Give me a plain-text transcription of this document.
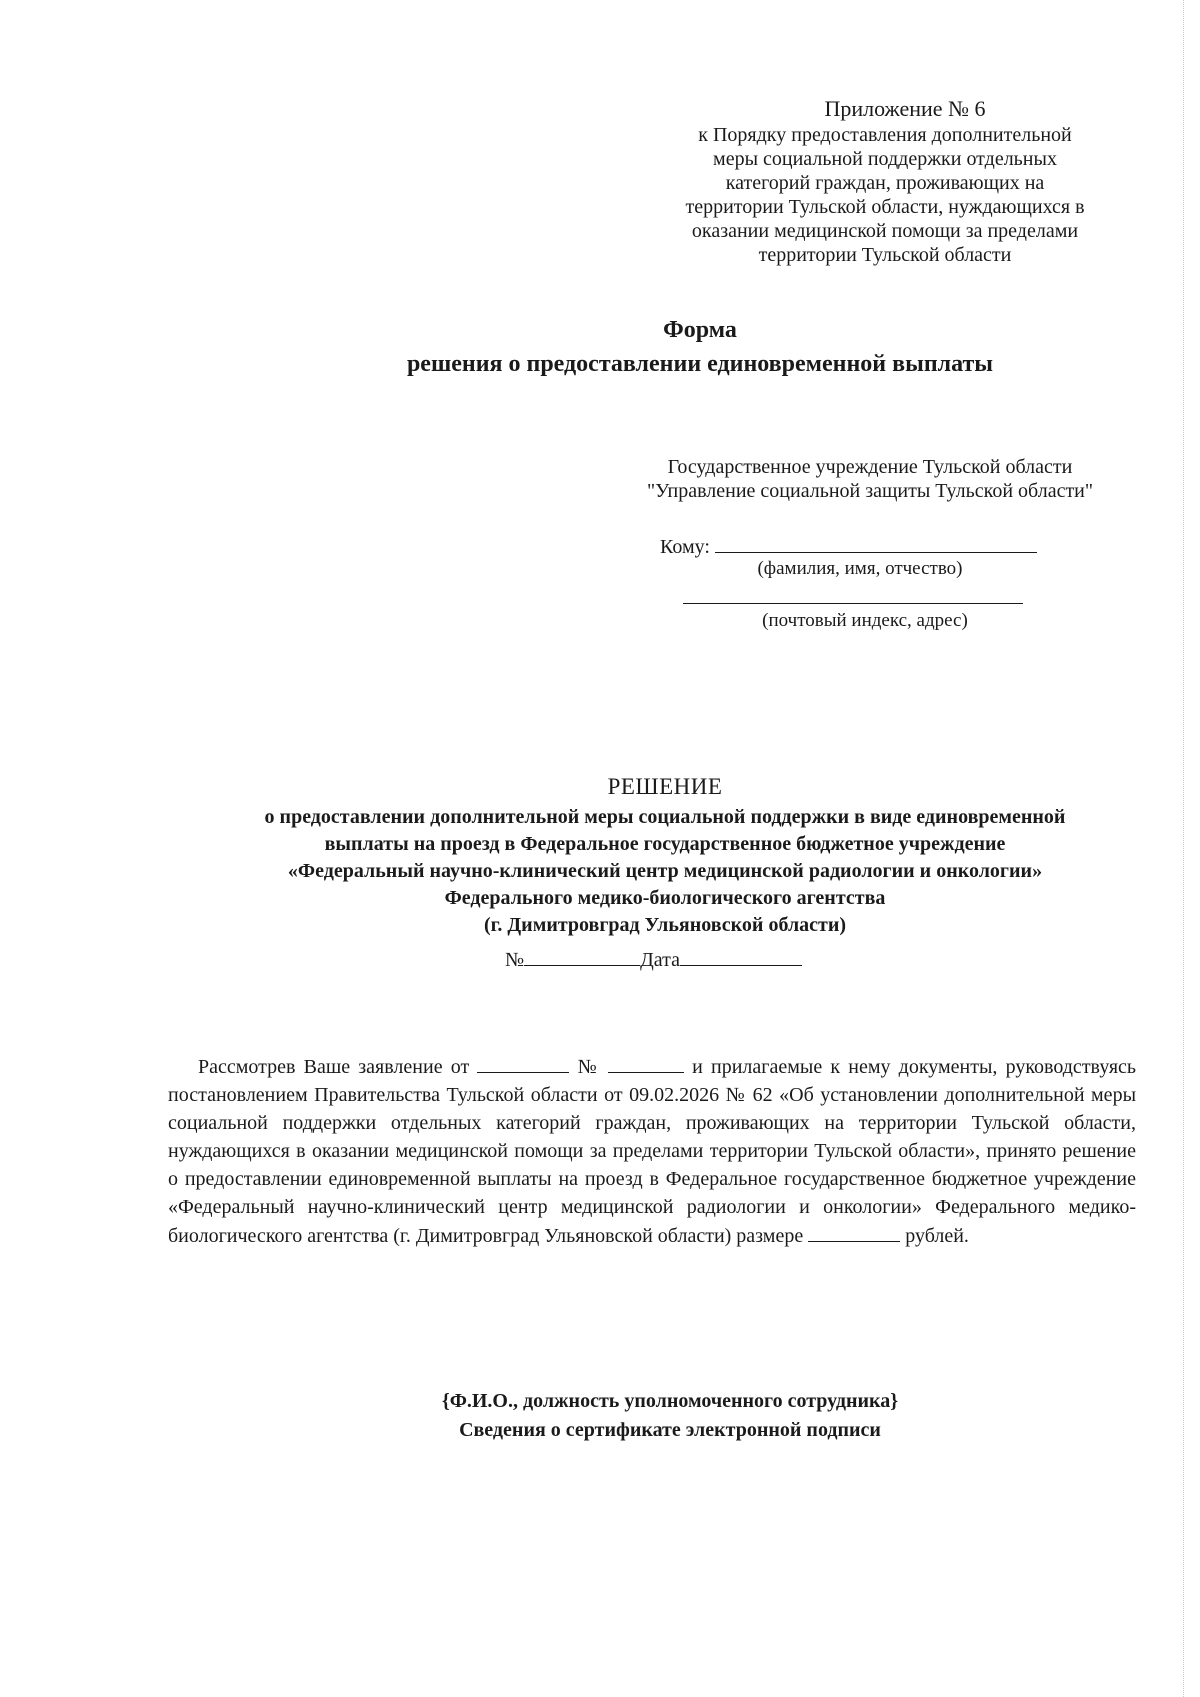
Приложение № 6
к Порядку предоставления дополнительной
меры социальной поддержки отдельных
категорий граждан, проживающих на
территории Тульской области, нуждающихся в
оказании медицинской помощи за пределами
территории Тульской области
Форма
решения о предоставлении единовременной выплаты
Государственное учреждение Тульской области
"Управление социальной защиты Тульской области"
Кому:
(фамилия, имя, отчество)
(почтовый индекс, адрес)
РЕШЕНИЕ
о предоставлении дополнительной меры социальной поддержки в виде единовременной
выплаты на проезд в Федеральное государственное бюджетное учреждение
«Федеральный научно-клинический центр медицинской радиологии и онкологии»
Федерального медико-биологического агентства
(г. Димитровград Ульяновской области)
№	Дата
Рассмотрев Ваше заявление от	№	и прилагаемые к нему документы, руководствуясь постановлением Правительства Тульской области от 09.02.2026 № 62 «Об установлении дополнительной меры социальной поддержки отдельных категорий граждан, проживающих на территории Тульской области, нуждающихся в оказании медицинской помощи за пределами территории Тульской области», принято решение о предоставлении единовременной выплаты на проезд в Федеральное государственное бюджетное учреждение «Федеральный научно-клинический центр медицинской радиологии и онкологии» Федерального медико-биологического агентства (г. Димитровград Ульяновской области) размере	рублей.
{Ф.И.О., должность уполномоченного сотрудника}
Сведения о сертификате электронной подписи
